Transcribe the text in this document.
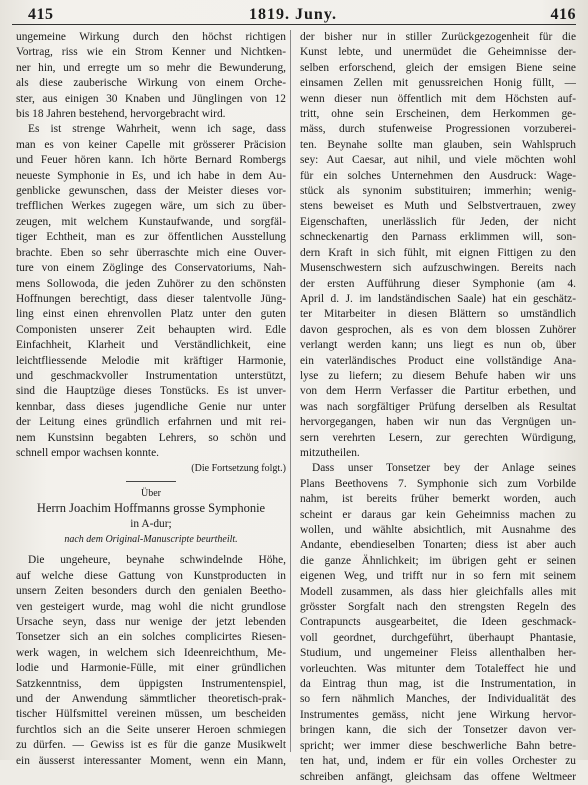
415	1819. Juny.	416
ungemeine Wirkung durch den höchst richtigen
Vortrag, riss wie ein Strom Kenner und Nichtken-
ner hin, und erregte um so mehr die Bewunderung,
als diese zauberische Wirkung von einem Orche-
ster, aus einigen 30 Knaben und Jünglingen von 12
bis 18 Jahren bestehend, hervorgebracht wird.
Es ist strenge Wahrheit, wenn ich sage, dass
man es von keiner Capelle mit grösserer Präcision
und Feuer hören kann. Ich hörte Bernard Rombergs
neueste Symphonie in Es, und ich habe in dem Au-
genblicke gewunschen, dass der Meister dieses vor-
trefflichen Werkes zugegen wäre, um sich zu über-
zeugen, mit welchem Kunstaufwande, und sorgfäl-
tiger Echtheit, man es zur öffentlichen Ausstellung
brachte. Eben so sehr überraschte mich eine Ouver-
ture von einem Zöglinge des Conservatoriums, Nah-
mens Sollowoda, die jeden Zuhörer zu den schönsten
Hoffnungen berechtigt, dass dieser talentvolle Jüng-
ling einst einen ehrenvollen Platz unter den guten
Componisten unserer Zeit behaupten wird. Edle
Einfachheit, Klarheit und Verständlichkeit, eine
leichtfliessende Melodie mit kräftiger Harmonie,
und geschmackvoller Instrumentation unterstützt,
sind die Hauptzüge dieses Tonstücks. Es ist unver-
kennbar, dass dieses jugendliche Genie nur unter
der Leitung eines gründlich erfahrnen und mit rei-
nem Kunstsinn begabten Lehrers, so schön und
schnell empor wachsen konnte.
(Die Fortsetzung folgt.)
Über
Herrn Joachim Hoffmanns grosse Symphonie
in A-dur;
nach dem Original-Manuscripte beurtheilt.
Die ungeheure, beynahe schwindelnde Höhe,
auf welche diese Gattung von Kunstproducten in
unsern Zeiten besonders durch den genialen Beetho-
ven gesteigert wurde, mag wohl die nicht grundlose
Ursache seyn, dass nur wenige der jetzt lebenden
Tonsetzer sich an ein solches complicirtes Riesen-
werk wagen, in welchem sich Ideenreichthum, Me-
lodie und Harmonie-Fülle, mit einer gründlichen
Satzkenntniss, dem üppigsten Instrumentenspiel,
und der Anwendung sämmtlicher theoretisch-prak-
tischer Hülfsmittel vereinen müssen, um bescheiden
furchtlos sich an die Seite unserer Heroen schmiegen
zu dürfen. — Gewiss ist es für die ganze Musikwelt
ein äusserst interessanter Moment, wenn ein Mann,
der bisher nur in stiller Zurückgezogenheit für die
Kunst lebte, und unermüdet die Geheimnisse der-
selben erforschend, gleich der emsigen Biene seine
einsamen Zellen mit genussreichen Honig füllt, —
wenn dieser nun öffentlich mit dem Höchsten auf-
tritt, ohne sein Erscheinen, dem Herkommen ge-
mäss, durch stufenweise Progressionen vorzuberei-
ten. Beynahe sollte man glauben, sein Wahlspruch
sey: Aut Caesar, aut nihil, und viele möchten wohl
für ein solches Unternehmen den Ausdruck: Wage-
stück als synonim substituiren; immerhin; wenig-
stens beweiset es Muth und Selbstvertrauen, zwey
Eigenschaften, unerlässlich für Jeden, der nicht
schneckenartig den Parnass erklimmen will, son-
dern Kraft in sich fühlt, mit eignen Fittigen zu den
Musenschwestern sich aufzuschwingen. Bereits nach
der ersten Aufführung dieser Symphonie (am 4.
April d. J. im landständischen Saale) hat ein geschätz-
ter Mitarbeiter in diesen Blättern so umständlich
davon gesprochen, als es von dem blossen Zuhörer
verlangt werden kann; uns liegt es nun ob, über
ein vaterländisches Product eine vollständige Ana-
lyse zu liefern; zu diesem Behufe haben wir uns
von dem Herrn Verfasser die Partitur erbethen, und
was nach sorgfältiger Prüfung derselben als Resultat
hervorgegangen, haben wir nun das Vergnügen un-
sern verehrten Lesern, zur gerechten Würdigung,
mitzutheilen.
Dass unser Tonsetzer bey der Anlage seines
Plans Beethovens 7. Symphonie sich zum Vorbilde
nahm, ist bereits früher bemerkt worden, auch
scheint er daraus gar kein Geheimniss machen zu
wollen, und wählte absichtlich, mit Ausnahme des
Andante, ebendieselben Tonarten; diess ist aber auch
die ganze Ähnlichkeit; im übrigen geht er seinen
eigenen Weg, und trifft nur in so fern mit seinem
Modell zusammen, als dass hier gleichfalls alles mit
grösster Sorgfalt nach den strengsten Regeln des
Contrapuncts ausgearbeitet, die Ideen geschmack-
voll geordnet, durchgeführt, überhaupt Phantasie,
Studium, und ungemeiner Fleiss allenthalben her-
vorleuchten. Was mitunter dem Totaleffect hie und
da Eintrag thun mag, ist die Instrumentation, in
so fern nähmlich Manches, der Individualität des
Instrumentes gemäss, nicht jene Wirkung hervor-
bringen kann, die sich der Tonsetzer davon ver-
spricht; wer immer diese beschwerliche Bahn betre-
ten hat, und, indem er für ein volles Orchester zu
schreiben anfängt, gleichsam das offene Weltmeer
